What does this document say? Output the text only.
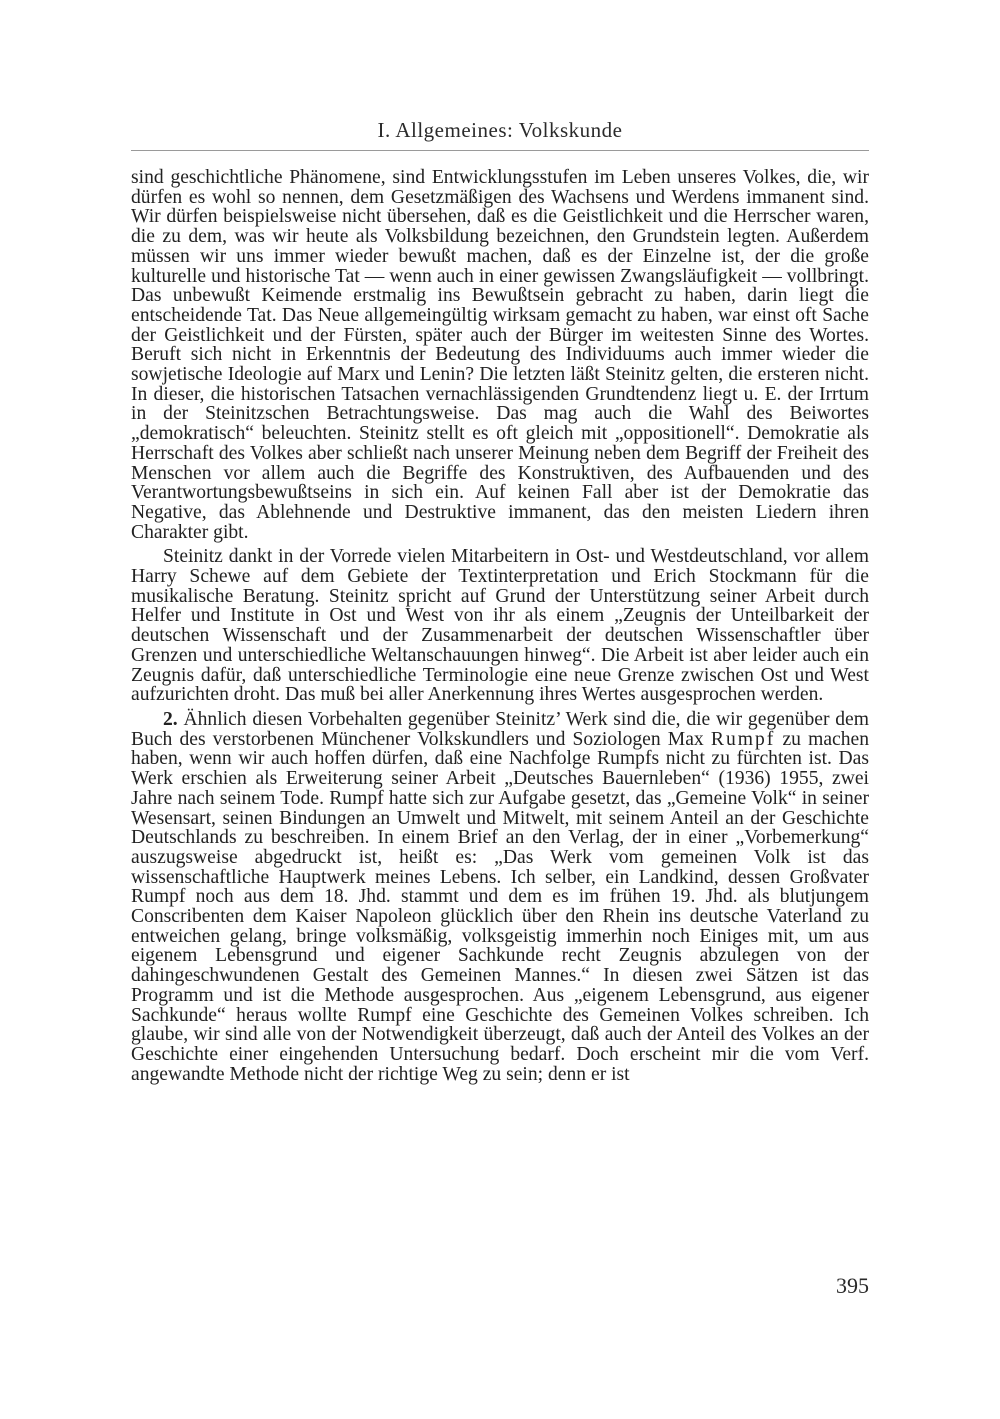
I. Allgemeines: Volkskunde

sind geschichtliche Phänomene, sind Entwicklungsstufen im Leben unseres Volkes, die, wir dürfen es wohl so nennen, dem Gesetzmäßigen des Wachsens und Werdens immanent sind. Wir dürfen beispielsweise nicht übersehen, daß es die Geistlichkeit und die Herrscher waren, die zu dem, was wir heute als Volksbildung bezeichnen, den Grundstein legten. Außerdem müssen wir uns immer wieder bewußt machen, daß es der Einzelne ist, der die große kulturelle und historische Tat — wenn auch in einer gewissen Zwangsläufigkeit — vollbringt. Das unbewußt Keimende erstmalig ins Bewußtsein gebracht zu haben, darin liegt die entscheidende Tat. Das Neue allgemeingültig wirksam gemacht zu haben, war einst oft Sache der Geistlichkeit und der Fürsten, später auch der Bürger im weitesten Sinne des Wortes. Beruft sich nicht in Erkenntnis der Bedeutung des Individuums auch immer wieder die sowjetische Ideologie auf Marx und Lenin? Die letzten läßt Steinitz gelten, die ersteren nicht. In dieser, die historischen Tatsachen vernachlässigenden Grundtendenz liegt u. E. der Irrtum in der Steinitzschen Betrachtungsweise. Das mag auch die Wahl des Beiwortes „demokratisch“ beleuchten. Steinitz stellt es oft gleich mit „oppositionell“. Demokratie als Herrschaft des Volkes aber schließt nach unserer Meinung neben dem Begriff der Freiheit des Menschen vor allem auch die Begriffe des Konstruktiven, des Aufbauenden und des Verantwortungsbewußtseins in sich ein. Auf keinen Fall aber ist der Demokratie das Negative, das Ablehnende und Destruktive immanent, das den meisten Liedern ihren Charakter gibt.

Steinitz dankt in der Vorrede vielen Mitarbeitern in Ost- und Westdeutschland, vor allem Harry Schewe auf dem Gebiete der Textinterpretation und Erich Stockmann für die musikalische Beratung. Steinitz spricht auf Grund der Unterstützung seiner Arbeit durch Helfer und Institute in Ost und West von ihr als einem „Zeugnis der Unteilbarkeit der deutschen Wissenschaft und der Zusammenarbeit der deutschen Wissenschaftler über Grenzen und unterschiedliche Weltanschauungen hinweg“. Die Arbeit ist aber leider auch ein Zeugnis dafür, daß unterschiedliche Terminologie eine neue Grenze zwischen Ost und West aufzurichten droht. Das muß bei aller Anerkennung ihres Wertes ausgesprochen werden.

2. Ähnlich diesen Vorbehalten gegenüber Steinitz’ Werk sind die, die wir gegenüber dem Buch des verstorbenen Münchener Volkskundlers und Soziologen Max Rumpf zu machen haben, wenn wir auch hoffen dürfen, daß eine Nachfolge Rumpfs nicht zu fürchten ist. Das Werk erschien als Erweiterung seiner Arbeit „Deutsches Bauernleben“ (1936) 1955, zwei Jahre nach seinem Tode. Rumpf hatte sich zur Aufgabe gesetzt, das „Gemeine Volk“ in seiner Wesensart, seinen Bindungen an Umwelt und Mitwelt, mit seinem Anteil an der Geschichte Deutschlands zu beschreiben. In einem Brief an den Verlag, der in einer „Vorbemerkung“ auszugsweise abgedruckt ist, heißt es: „Das Werk vom gemeinen Volk ist das wissenschaftliche Hauptwerk meines Lebens. Ich selber, ein Landkind, dessen Großvater Rumpf noch aus dem 18. Jhd. stammt und dem es im frühen 19. Jhd. als blutjungem Conscribenten dem Kaiser Napoleon glücklich über den Rhein ins deutsche Vaterland zu entweichen gelang, bringe volksmäßig, volksgeistig immerhin noch Einiges mit, um aus eigenem Lebensgrund und eigener Sachkunde recht Zeugnis abzulegen von der dahingeschwundenen Gestalt des Gemeinen Mannes.“ In diesen zwei Sätzen ist das Programm und ist die Methode ausgesprochen. Aus „eigenem Lebensgrund, aus eigener Sachkunde“ heraus wollte Rumpf eine Geschichte des Gemeinen Volkes schreiben. Ich glaube, wir sind alle von der Notwendigkeit überzeugt, daß auch der Anteil des Volkes an der Geschichte einer eingehenden Untersuchung bedarf. Doch erscheint mir die vom Verf. angewandte Methode nicht der richtige Weg zu sein; denn er ist

395
